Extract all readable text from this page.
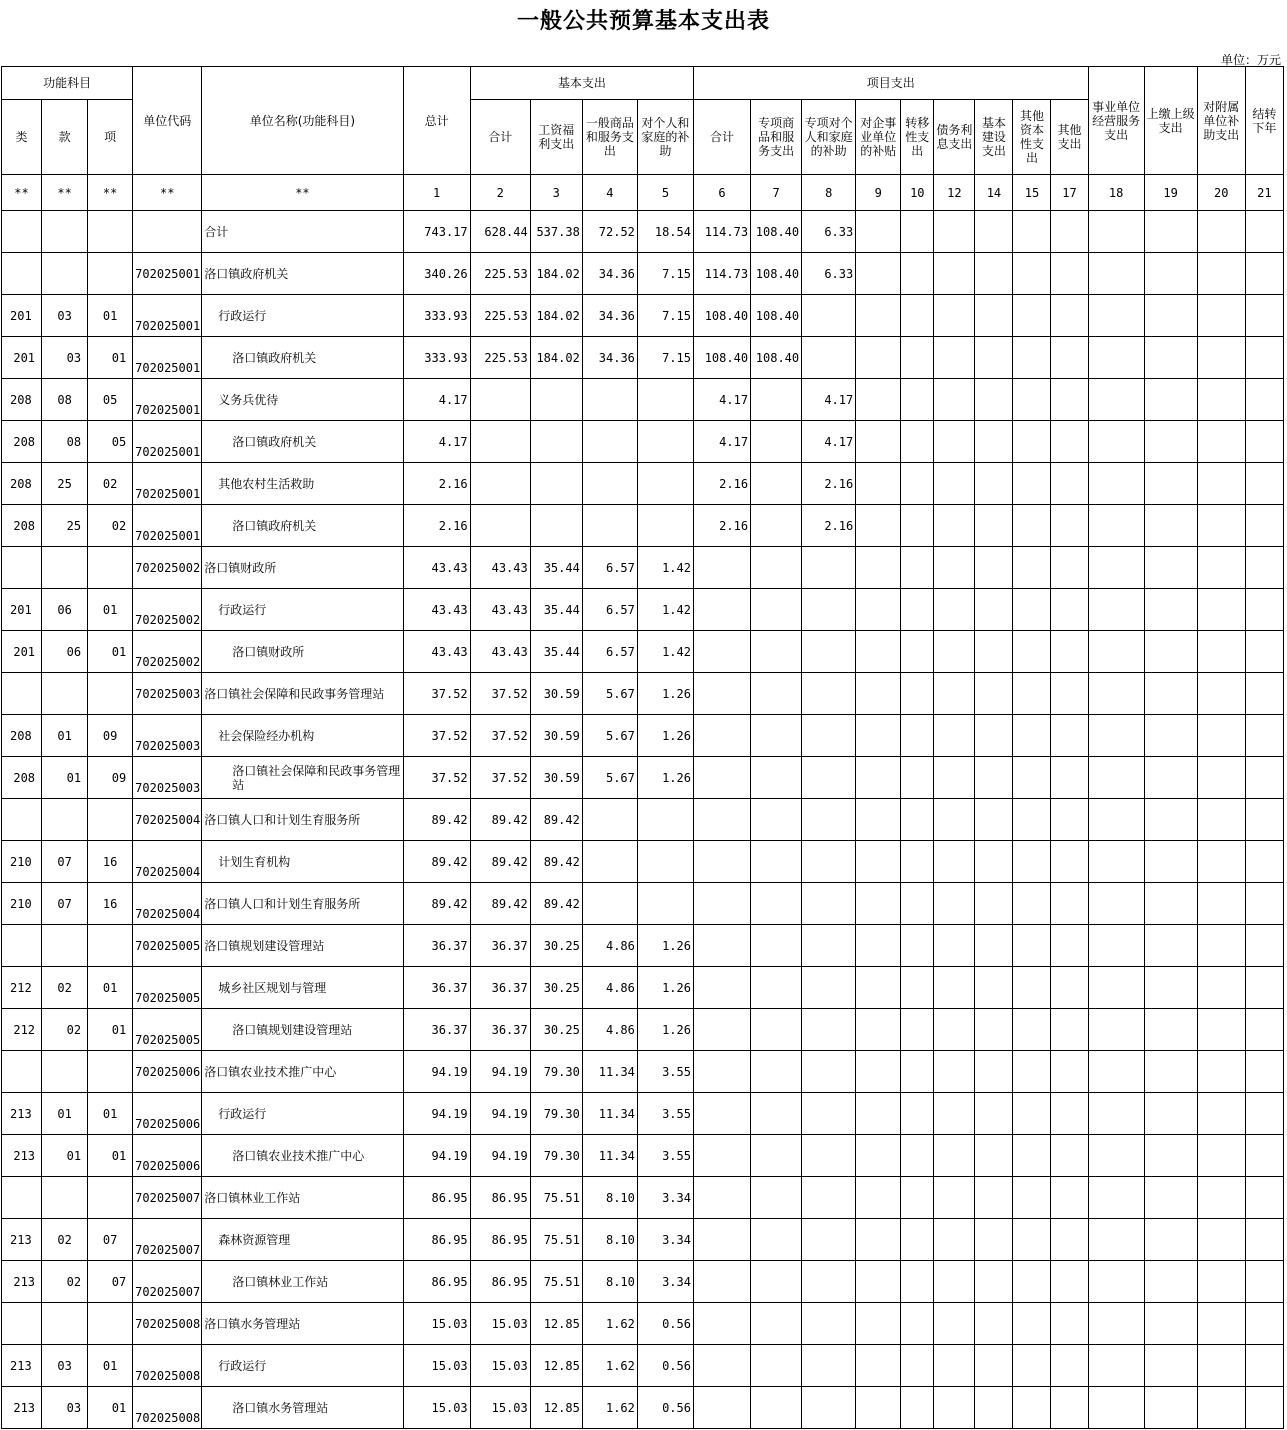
一般公共预算基本支出表
单位：万元
功能科目			单位代码	单位名称(功能科目)	总计	基本支出				项目支出									事业单位经营服务支出	上缴上级支出	对附属单位补助支出	结转下年
类	款	项				合计	工资福利支出	一般商品和服务支出	对个人和家庭的补助	合计	专项商品和服务支出	专项对个人和家庭的补助	对企事业单位的补贴	转移性支出	债务利息支出	基本建设支出	其他资本性支出	其他支出				
**	**	**	**	**	1	2	3	4	5	6	7	8	9	10	12	14	15	17	18	19	20	21
				合计	743.17	628.44	537.38	72.52	18.54	114.73	108.40	6.33										
			702025001	洛口镇政府机关	340.26	225.53	184.02	34.36	7.15	114.73	108.40	6.33										
201	03	01	702025001	行政运行	333.93	225.53	184.02	34.36	7.15	108.40	108.40											
201	03	01	702025001	洛口镇政府机关	333.93	225.53	184.02	34.36	7.15	108.40	108.40											
208	08	05	702025001	义务兵优待	4.17					4.17		4.17										
208	08	05	702025001	洛口镇政府机关	4.17					4.17		4.17										
208	25	02	702025001	其他农村生活救助	2.16					2.16		2.16										
208	25	02	702025001	洛口镇政府机关	2.16					2.16		2.16										
			702025002	洛口镇财政所	43.43	43.43	35.44	6.57	1.42													
201	06	01	702025002	行政运行	43.43	43.43	35.44	6.57	1.42													
201	06	01	702025002	洛口镇财政所	43.43	43.43	35.44	6.57	1.42													
			702025003	洛口镇社会保障和民政事务管理站	37.52	37.52	30.59	5.67	1.26													
208	01	09	702025003	社会保险经办机构	37.52	37.52	30.59	5.67	1.26													
208	01	09	702025003	洛口镇社会保障和民政事务管理站	37.52	37.52	30.59	5.67	1.26													
			702025004	洛口镇人口和计划生育服务所	89.42	89.42	89.42															
210	07	16	702025004	计划生育机构	89.42	89.42	89.42															
210	07	16	702025004	洛口镇人口和计划生育服务所	89.42	89.42	89.42															
			702025005	洛口镇规划建设管理站	36.37	36.37	30.25	4.86	1.26													
212	02	01	702025005	城乡社区规划与管理	36.37	36.37	30.25	4.86	1.26													
212	02	01	702025005	洛口镇规划建设管理站	36.37	36.37	30.25	4.86	1.26													
			702025006	洛口镇农业技术推广中心	94.19	94.19	79.30	11.34	3.55													
213	01	01	702025006	行政运行	94.19	94.19	79.30	11.34	3.55													
213	01	01	702025006	洛口镇农业技术推广中心	94.19	94.19	79.30	11.34	3.55													
			702025007	洛口镇林业工作站	86.95	86.95	75.51	8.10	3.34													
213	02	07	702025007	森林资源管理	86.95	86.95	75.51	8.10	3.34													
213	02	07	702025007	洛口镇林业工作站	86.95	86.95	75.51	8.10	3.34													
			702025008	洛口镇水务管理站	15.03	15.03	12.85	1.62	0.56													
213	03	01	702025008	行政运行	15.03	15.03	12.85	1.62	0.56													
213	03	01	702025008	洛口镇水务管理站	15.03	15.03	12.85	1.62	0.56													
